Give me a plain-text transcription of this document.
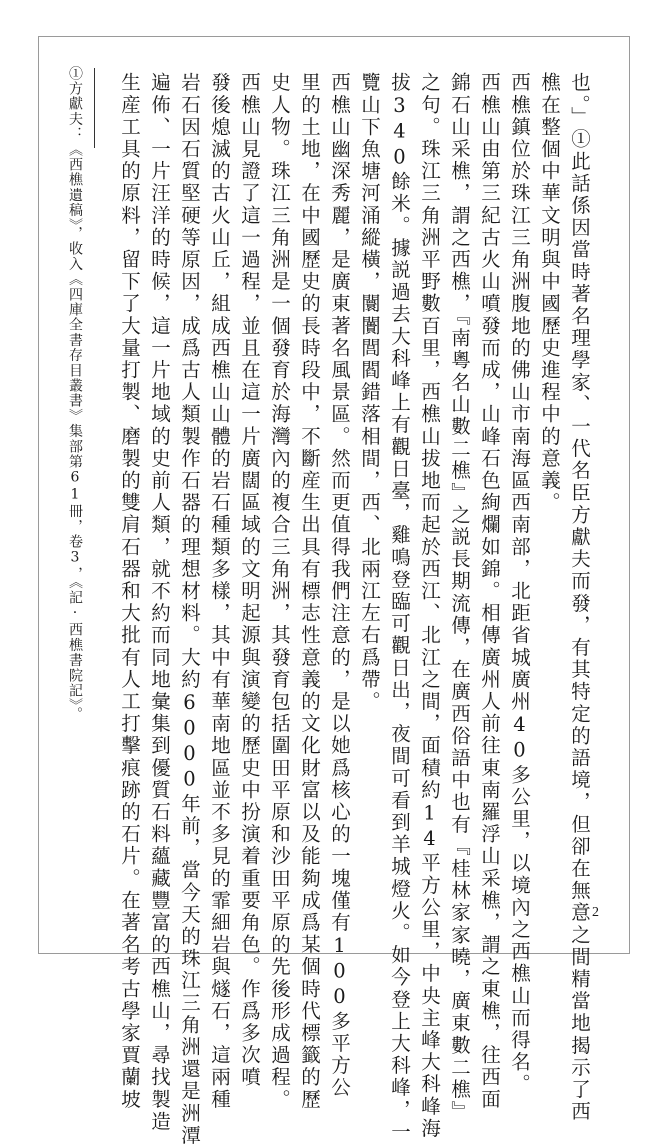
也。」①此話係因當時著名理學家、一代名臣方獻夫而發，有其特定的語境，但卻在無意之間精當地揭示了西
樵在整個中華文明與中國歷史進程中的意義。
西樵鎮位於珠江三角洲腹地的佛山市南海區西南部，北距省城廣州40多公里，以境內之西樵山而得名。
西樵山由第三紀古火山噴發而成，山峰石色絢爛如錦。相傳廣州人前往東南羅浮山采樵，謂之東樵，往西面
錦石山采樵，謂之西樵，『南粵名山數二樵』之説長期流傳，在廣西俗語中也有『桂林家家曉，廣東數二樵』
之句。珠江三角洲平野數百里，西樵山拔地而起於西江、北江之間，面積約14平方公里，中央主峰大科峰海
拔340餘米。據説過去大科峰上有觀日臺，雞鳴登臨可觀日出，夜間可看到羊城燈火。如今登上大科峰，一
覽山下魚塘河涌縱橫，闤闠閭閻錯落相間，西、北兩江左右爲帶。
西樵山幽深秀麗，是廣東著名風景區。然而更值得我們注意的，是以她爲核心的一塊僅有100多平方公
里的土地，在中國歷史的長時段中，不斷産生出具有標志性意義的文化財富以及能夠成爲某個時代標籤的歷
史人物。珠江三角洲是一個發育於海灣內的複合三角洲，其發育包括圍田平原和沙田平原的先後形成過程。
西樵山見證了這一過程，並且在這一片廣闊區域的文明起源與演變的歷史中扮演着重要角色。作爲多次噴
發後熄滅的古火山丘，組成西樵山山體的岩石種類多樣，其中有華南地區並不多見的霏細岩與燧石，這兩種
岩石因石質堅硬等原因，成爲古人類製作石器的理想材料。大約6000年前，當今天的珠江三角洲還是洲潭
遍佈、一片汪洋的時候，這一片地域的史前人類，就不約而同地彙集到優質石料蘊藏豐富的西樵山，尋找製造
生産工具的原料，留下了大量打製、磨製的雙肩石器和大批有人工打擊痕跡的石片。在著名考古學家賈蘭坡
①方獻夫：《西樵遺稿》，收入《四庫全書存目叢書》集部第61冊，卷3，《記·西樵書院記》。
2
